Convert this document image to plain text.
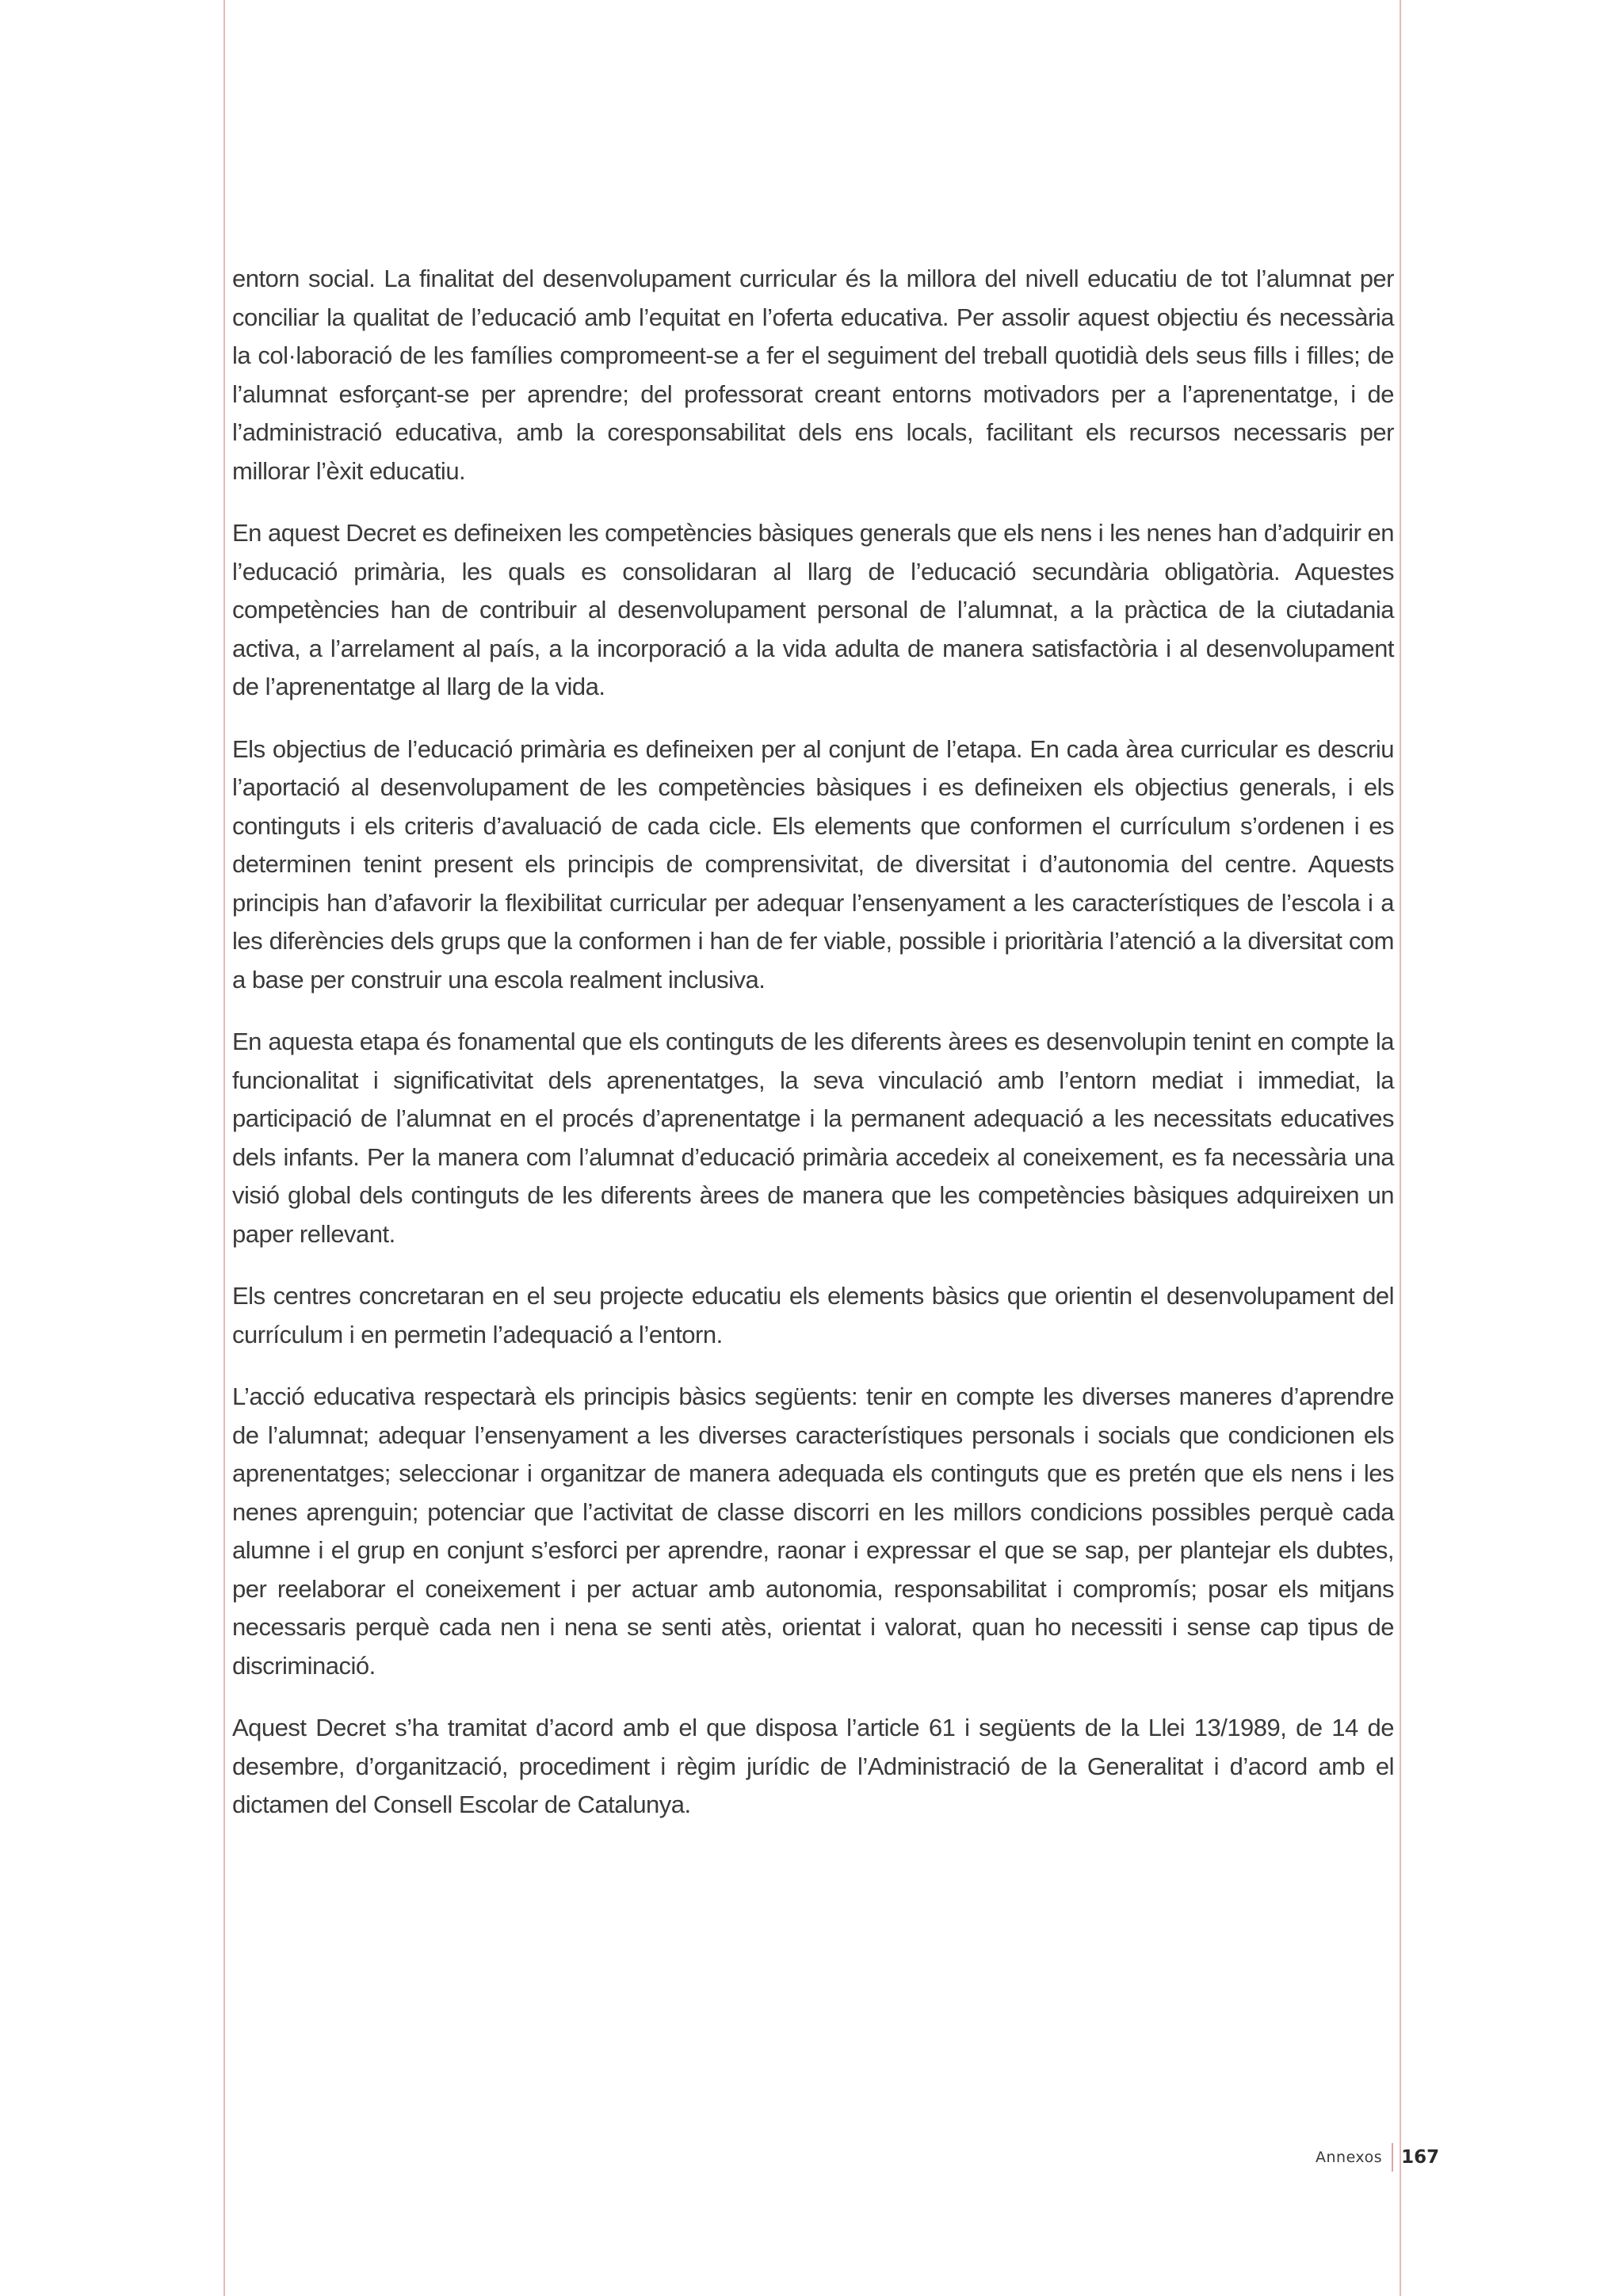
entorn social. La finalitat del desenvolupament curricular és la millora del nivell educatiu de tot l’alumnat per conciliar la qualitat de l’educació amb l’equitat en l’oferta educativa. Per assolir aquest objectiu és necessària la col·laboració de les famílies compromeent-se a fer el seguiment del treball quotidià dels seus fills i filles; de l’alumnat esforçant-se per aprendre; del professorat creant entorns motivadors per a l’aprenentatge, i de l’administració educativa, amb la coresponsabilitat dels ens locals, facilitant els recursos necessaris per millorar l’èxit educatiu.

En aquest Decret es defineixen les competències bàsiques generals que els nens i les nenes han d’adquirir en l’educació primària, les quals es consolidaran al llarg de l’educació secundària obligatòria. Aquestes competències han de contribuir al desenvolupament personal de l’alumnat, a la pràctica de la ciutadania activa, a l’arrelament al país, a la incorporació a la vida adulta de manera satisfactòria i al desenvolupament de l’aprenentatge al llarg de la vida.

Els objectius de l’educació primària es defineixen per al conjunt de l’etapa. En cada àrea curricular es descriu l’aportació al desenvolupament de les competències bàsiques i es defineixen els objectius generals, i els continguts i els criteris d’avaluació de cada cicle. Els elements que conformen el currículum s’ordenen i es determinen tenint present els principis de comprensivitat, de diversitat i d’autonomia del centre. Aquests principis han d’afavorir la flexibilitat curricular per adequar l’ensenyament a les característiques de l’escola i a les diferències dels grups que la conformen i han de fer viable, possible i prioritària l’atenció a la diversitat com a base per construir una escola realment inclusiva.

En aquesta etapa és fonamental que els continguts de les diferents àrees es desenvolupin tenint en compte la funcionalitat i significativitat dels aprenentatges, la seva vinculació amb l’entorn mediat i immediat, la participació de l’alumnat en el procés d’aprenentatge i la permanent adequació a les necessitats educatives dels infants. Per la manera com l’alumnat d’educació primària accedeix al coneixement, es fa necessària una visió global dels continguts de les diferents àrees de manera que les competències bàsiques adquireixen un paper rellevant.

Els centres concretaran en el seu projecte educatiu els elements bàsics que orientin el desenvolupament del currículum i en permetin l’adequació a l’entorn.

L’acció educativa respectarà els principis bàsics següents: tenir en compte les diverses maneres d’aprendre de l’alumnat; adequar l’ensenyament a les diverses característiques personals i socials que condicionen els aprenentatges; seleccionar i organitzar de manera adequada els continguts que es pretén que els nens i les nenes aprenguin; potenciar que l’activitat de classe discorri en les millors condicions possibles perquè cada alumne i el grup en conjunt s’esforci per aprendre, raonar i expressar el que se sap, per plantejar els dubtes, per reelaborar el coneixement i per actuar amb autonomia, responsabilitat i compromís; posar els mitjans necessaris perquè cada nen i nena se senti atès, orientat i valorat, quan ho necessiti i sense cap tipus de discriminació.

Aquest Decret s’ha tramitat d’acord amb el que disposa l’article 61 i següents de la Llei 13/1989, de 14 de desembre, d’organització, procediment i règim jurídic de l’Administració de la Generalitat i d’acord amb el dictamen del Consell Escolar de Catalunya.

Annexos	167
